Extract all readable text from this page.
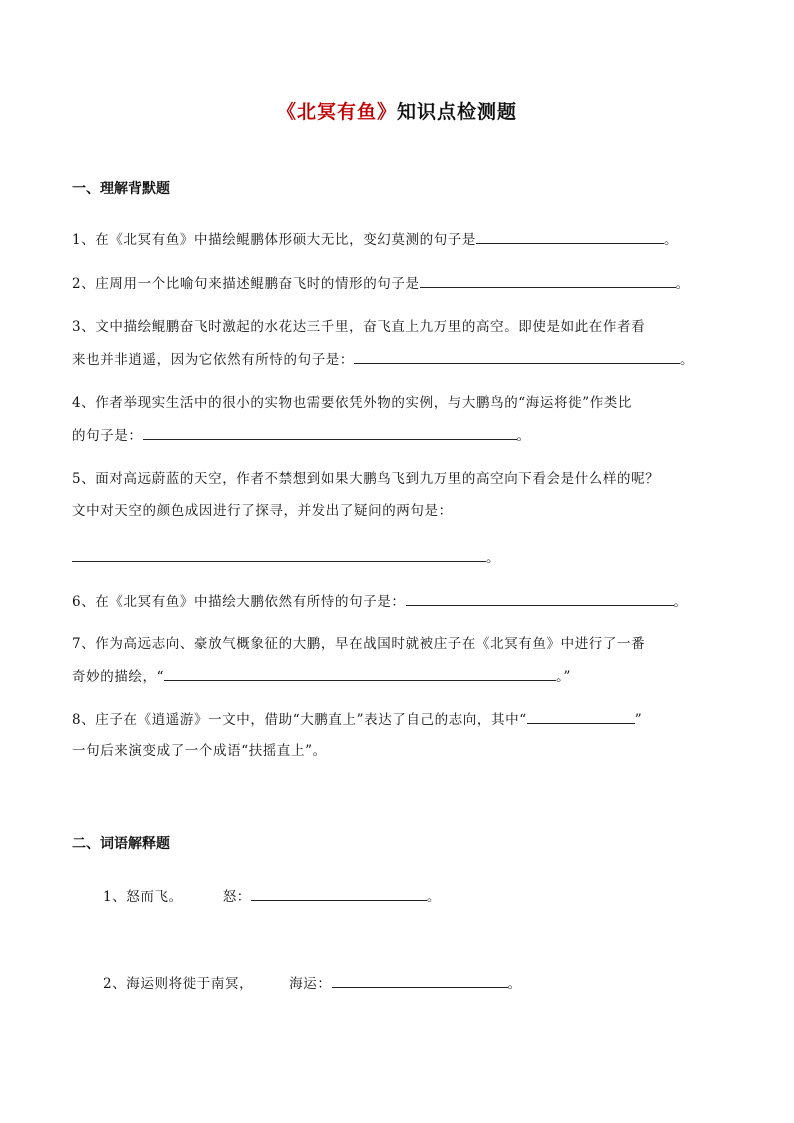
《北冥有鱼》知识点检测题
一、理解背默题
1、在《北冥有鱼》中描绘鲲鹏体形硕大无比，变幻莫测的句子是	。
2、庄周用一个比喻句来描述鲲鹏奋飞时的情形的句子是	。
3、文中描绘鲲鹏奋飞时激起的水花达三千里，奋飞直上九万里的高空。即使是如此在作者看
来也并非逍遥，因为它依然有所恃的句子是：	。
4、作者举现实生活中的很小的实物也需要依凭外物的实例，与大鹏鸟的“海运将徙”作类比
的句子是：	。
5、面对高远蔚蓝的天空，作者不禁想到如果大鹏鸟飞到九万里的高空向下看会是什么样的呢？
文中对天空的颜色成因进行了探寻，并发出了疑问的两句是：
。
6、在《北冥有鱼》中描绘大鹏依然有所恃的句子是：	。
7、作为高远志向、豪放气概象征的大鹏，早在战国时就被庄子在《北冥有鱼》中进行了一番
奇妙的描绘，“	。”
8、庄子在《逍遥游》一文中，借助“大鹏直上”表达了自己的志向，其中“	”
一句后来演变成了一个成语“扶摇直上”。
二、词语解释题
1、怒而飞。	怒：	。
2、海运则将徙于南冥，	海运：	。
